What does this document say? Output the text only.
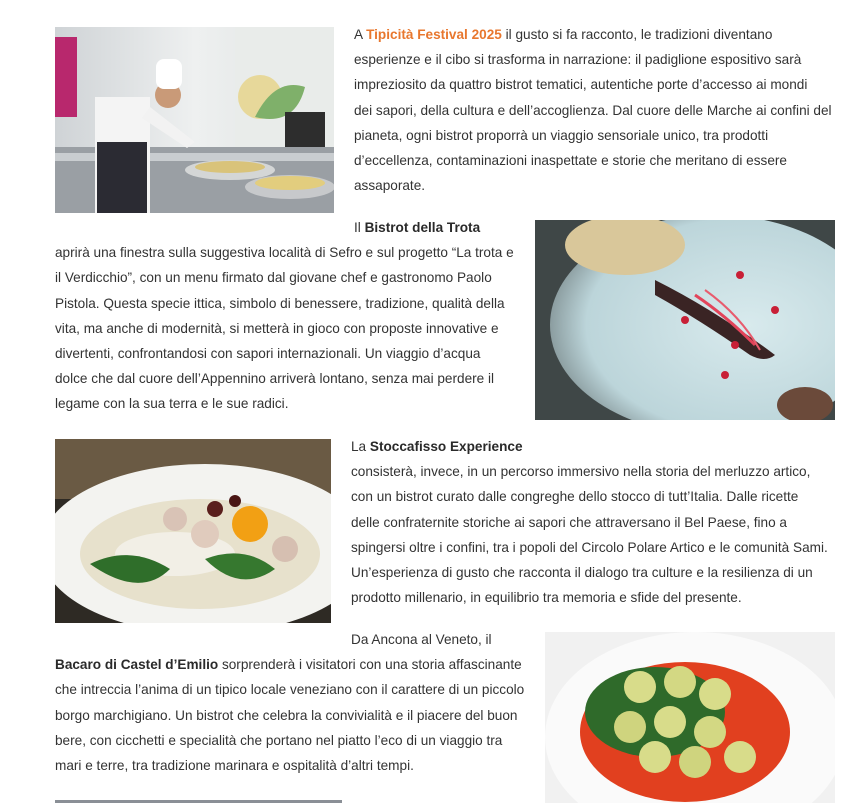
A Tipicità Festival 2025 il gusto si fa racconto, le tradizioni diventano
esperienze e il cibo si trasforma in narrazione: il padiglione espositivo sarà
impreziosito da quattro bistrot tematici, autentiche porte d’accesso ai mondi
dei sapori, della cultura e dell’accoglienza. Dal cuore delle Marche ai confini del
pianeta, ogni bistrot proporrà un viaggio sensoriale unico, tra prodotti
d’eccellenza, contaminazioni inaspettate e storie che meritano di essere
assaporate.

Il Bistrot della Trota
aprirà una finestra sulla suggestiva località di Sefro e sul progetto “La trota e
il Verdicchio”, con un menu firmato dal giovane chef e gastronomo Paolo
Pistola. Questa specie ittica, simbolo di benessere, tradizione, qualità della
vita, ma anche di modernità, si metterà in gioco con proposte innovative e
divertenti, confrontandosi con sapori internazionali. Un viaggio d’acqua
dolce che dal cuore dell’Appennino arriverà lontano, senza mai perdere il
legame con la sua terra e le sue radici.

La Stoccafisso Experience
consisterà, invece, in un percorso immersivo nella storia del merluzzo artico,
con un bistrot curato dalle congreghe dello stocco di tutt’Italia. Dalle ricette
delle confraternite storiche ai sapori che attraversano il Bel Paese, fino a
spingersi oltre i confini, tra i popoli del Circolo Polare Artico e le comunità Sami.
Un’esperienza di gusto che racconta il dialogo tra culture e la resilienza di un
prodotto millenario, in equilibrio tra memoria e sfide del presente.

Da Ancona al Veneto, il
Bacaro di Castel d’Emilio sorprenderà i visitatori con una storia affascinante
che intreccia l’anima di un tipico locale veneziano con il carattere di un piccolo
borgo marchigiano. Un bistrot che celebra la convivialità e il piacere del buon
bere, con cicchetti e specialità che portano nel piatto l’eco di un viaggio tra
mari e terre, tra tradizione marinara e ospitalità d’altri tempi.
